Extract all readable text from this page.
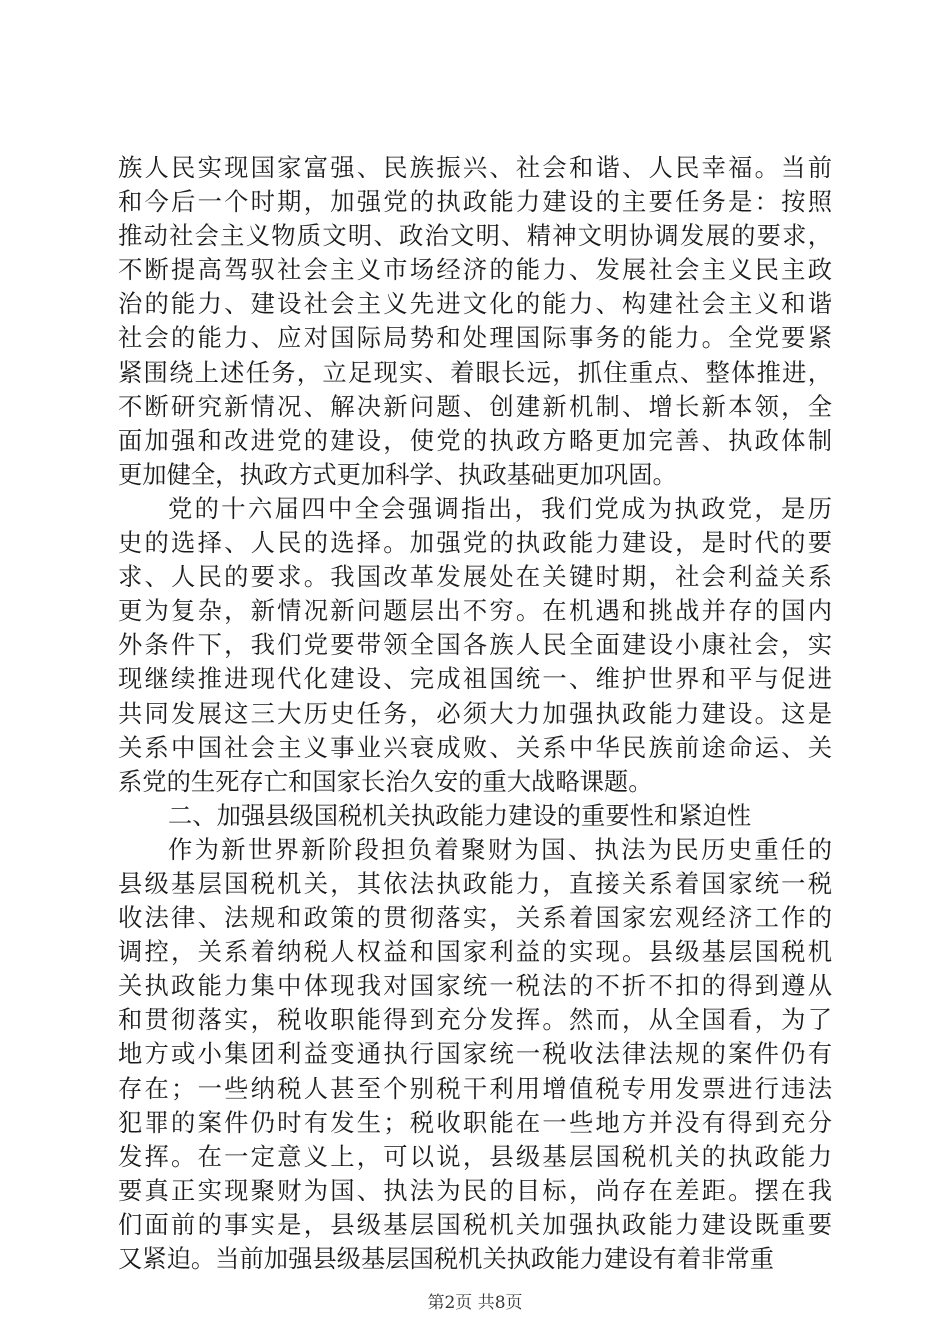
族人民实现国家富强、民族振兴、社会和谐、人民幸福。当前
和今后一个时期，加强党的执政能力建设的主要任务是：按照
推动社会主义物质文明、政治文明、精神文明协调发展的要求，
不断提高驾驭社会主义市场经济的能力、发展社会主义民主政
治的能力、建设社会主义先进文化的能力、构建社会主义和谐
社会的能力、应对国际局势和处理国际事务的能力。全党要紧
紧围绕上述任务，立足现实、着眼长远，抓住重点、整体推进，
不断研究新情况、解决新问题、创建新机制、增长新本领，全
面加强和改进党的建设，使党的执政方略更加完善、执政体制
更加健全，执政方式更加科学、执政基础更加巩固。
党的十六届四中全会强调指出，我们党成为执政党，是历
史的选择、人民的选择。加强党的执政能力建设，是时代的要
求、人民的要求。我国改革发展处在关键时期，社会利益关系
更为复杂，新情况新问题层出不穷。在机遇和挑战并存的国内
外条件下，我们党要带领全国各族人民全面建设小康社会，实
现继续推进现代化建设、完成祖国统一、维护世界和平与促进
共同发展这三大历史任务，必须大力加强执政能力建设。这是
关系中国社会主义事业兴衰成败、关系中华民族前途命运、关
系党的生死存亡和国家长治久安的重大战略课题。
二、加强县级国税机关执政能力建设的重要性和紧迫性
作为新世界新阶段担负着聚财为国、执法为民历史重任的
县级基层国税机关，其依法执政能力，直接关系着国家统一税
收法律、法规和政策的贯彻落实，关系着国家宏观经济工作的
调控，关系着纳税人权益和国家利益的实现。县级基层国税机
关执政能力集中体现我对国家统一税法的不折不扣的得到遵从
和贯彻落实，税收职能得到充分发挥。然而，从全国看，为了
地方或小集团利益变通执行国家统一税收法律法规的案件仍有
存在；一些纳税人甚至个别税干利用增值税专用发票进行违法
犯罪的案件仍时有发生；税收职能在一些地方并没有得到充分
发挥。在一定意义上，可以说，县级基层国税机关的执政能力
要真正实现聚财为国、执法为民的目标，尚存在差距。摆在我
们面前的事实是，县级基层国税机关加强执政能力建设既重要
又紧迫。当前加强县级基层国税机关执政能力建设有着非常重
第2页 共8页
